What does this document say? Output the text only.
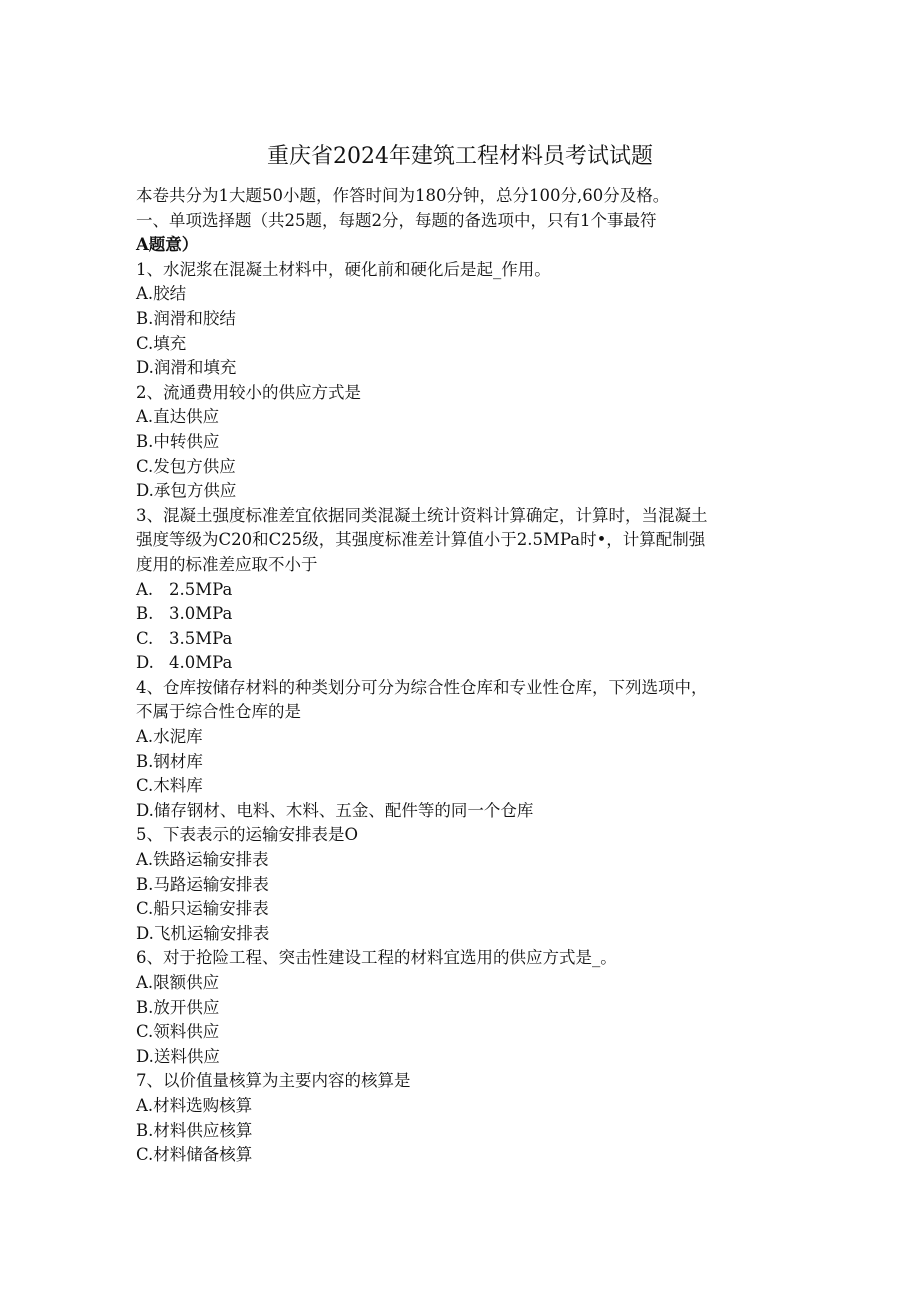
重庆省2024年建筑工程材料员考试试题
本卷共分为1大题50小题，作答时间为180分钟，总分100分,60分及格。
一、单项选择题（共25题，每题2分，每题的备选项中，只有1个事最符
A题意）
1、水泥浆在混凝土材料中，硬化前和硬化后是起_作用。
A.胶结
B.润滑和胶结
C.填充
D.润滑和填充
2、流通费用较小的供应方式是
A.直达供应
B.中转供应
C.发包方供应
D.承包方供应
3、混凝土强度标准差宜依据同类混凝土统计资料计算确定，计算时，当混凝土
强度等级为C20和C25级，其强度标准差计算值小于2.5MPa时•，计算配制强
度用的标准差应取不小于
A. 2.5MPa
B. 3.0MPa
C. 3.5MPa
D. 4.0MPa
4、仓库按储存材料的种类划分可分为综合性仓库和专业性仓库，下列选项中，
不属于综合性仓库的是
A.水泥库
B.钢材库
C.木料库
D.储存钢材、电料、木料、五金、配件等的同一个仓库
5、下表表示的运输安排表是O
A.铁路运输安排表
B.马路运输安排表
C.船只运输安排表
D.飞机运输安排表
6、对于抢险工程、突击性建设工程的材料宜选用的供应方式是_。
A.限额供应
B.放开供应
C.领料供应
D.送料供应
7、以价值量核算为主要内容的核算是
A.材料选购核算
B.材料供应核算
C.材料储备核算
